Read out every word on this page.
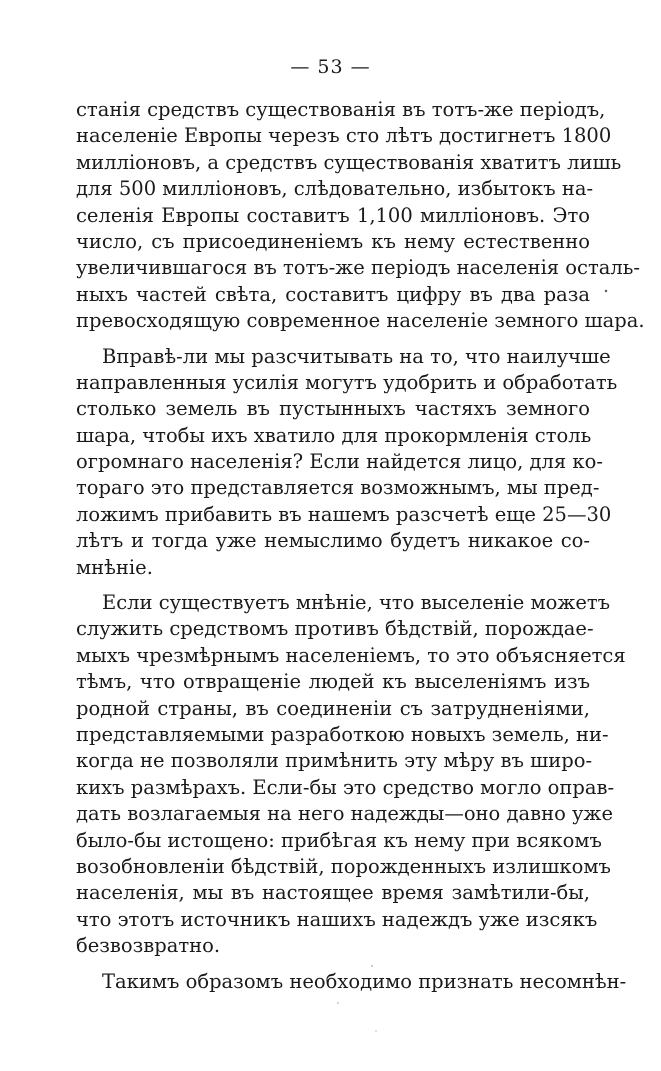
— 53 —
станія средствъ существованія въ тотъ-же періодъ,
населеніе Европы черезъ сто лѣтъ достигнетъ 1800
милліоновъ, а средствъ существованія хватитъ лишь
для 500 милліоновъ, слѣдовательно, избытокъ на-
селенія Европы составитъ 1,100 милліоновъ. Это
число, съ присоединеніемъ къ нему естественно
увеличившагося въ тотъ-же періодъ населенія осталь-
ныхъ частей свѣта, составитъ цифру въ два раза
превосходящую современное населеніе земного шара.
Вправѣ-ли мы разсчитывать на то, что наилучше
направленныя усилія могутъ удобрить и обработать
столько земель въ пустынныхъ частяхъ земного
шара, чтобы ихъ хватило для прокормленія столь
огромнаго населенія? Если найдется лицо, для ко-
тораго это представляется возможнымъ, мы пред-
ложимъ прибавить въ нашемъ разсчетѣ еще 25—30
лѣтъ и тогда уже немыслимо будетъ никакое со-
мнѣніе.
Если существуетъ мнѣніе, что выселеніе можетъ
служить средствомъ противъ бѣдствій, порождае-
мыхъ чрезмѣрнымъ населеніемъ, то это объясняется
тѣмъ, что отвращеніе людей къ выселеніямъ изъ
родной страны, въ соединеніи съ затрудненіями,
представляемыми разработкою новыхъ земель, ни-
когда не позволяли примѣнить эту мѣру въ широ-
кихъ размѣрахъ. Если-бы это средство могло оправ-
дать возлагаемыя на него надежды—оно давно уже
было-бы истощено: прибѣгая къ нему при всякомъ
возобновленіи бѣдствій, порожденныхъ излишкомъ
населенія, мы въ настоящее время замѣтили-бы,
что этотъ источникъ нашихъ надеждъ уже изсякъ
безвозвратно.
Такимъ образомъ необходимо признать несомнѣн-
